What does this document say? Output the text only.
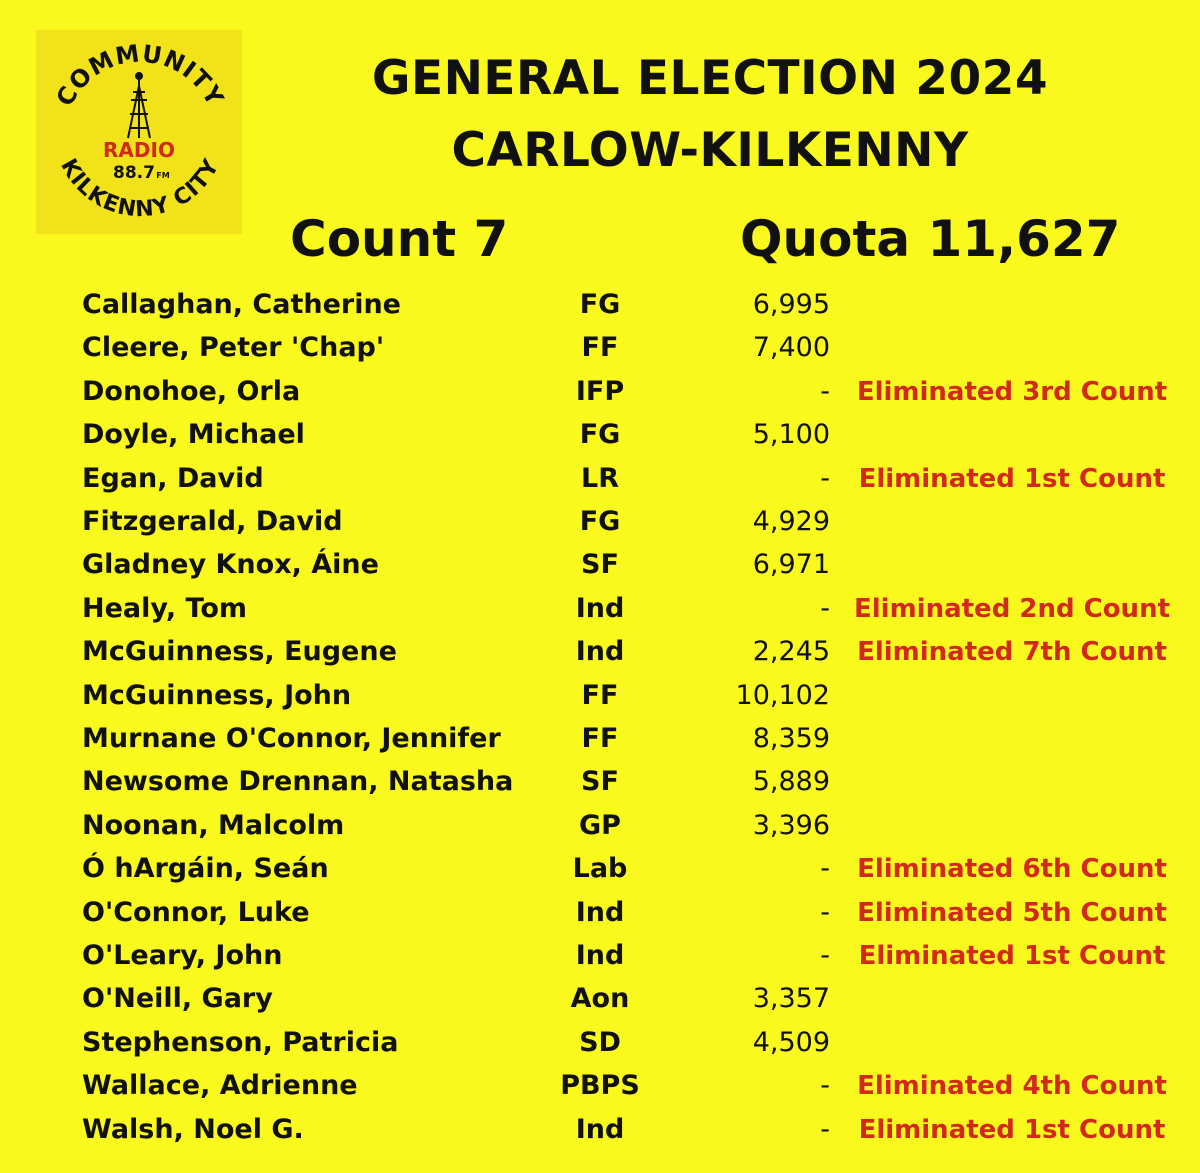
COMMUNITY
KILKENNY CITY
RADIO
88.7 FM
GENERAL ELECTION 2024
CARLOW-KILKENNY
Count 7	Quota 11,627
Callaghan, Catherine	FG	6,995
Cleere, Peter 'Chap'	FF	7,400
Donohoe, Orla	IFP	-	Eliminated 3rd Count
Doyle, Michael	FG	5,100
Egan, David	LR	-	Eliminated 1st Count
Fitzgerald, David	FG	4,929
Gladney Knox, Áine	SF	6,971
Healy, Tom	Ind	- Eliminated 2nd Count
McGuinness, Eugene	Ind	2,245	Eliminated 7th Count
McGuinness, John	FF	10,102
Murnane O'Connor, Jennifer	FF	8,359
Newsome Drennan, Natasha	SF	5,889
Noonan, Malcolm	GP	3,396
Ó hArgáin, Seán	Lab	-	Eliminated 6th Count
O'Connor, Luke	Ind	-	Eliminated 5th Count
O'Leary, John	Ind	-	Eliminated 1st Count
O'Neill, Gary	Aon	3,357
Stephenson, Patricia	SD	4,509
Wallace, Adrienne	PBPS	-	Eliminated 4th Count
Walsh, Noel G.	Ind	-	Eliminated 1st Count
